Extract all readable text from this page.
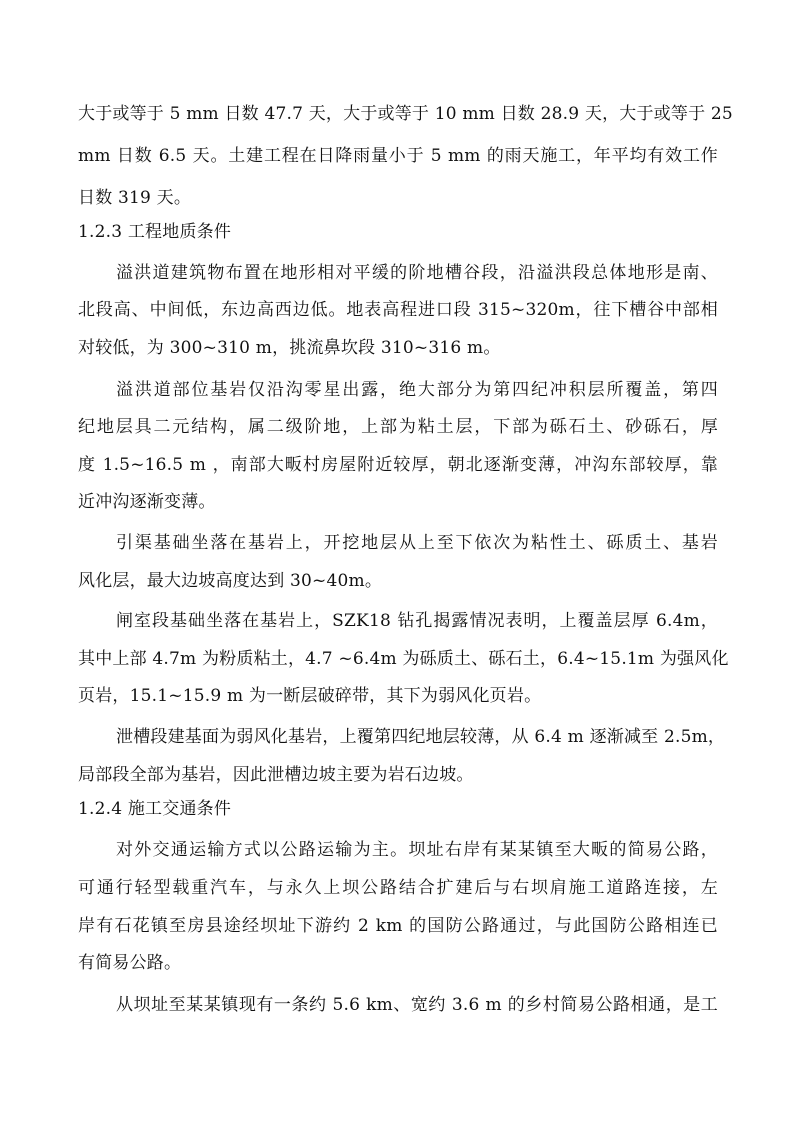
大于或等于 5 mm 日数 47.7 天，大于或等于 10 mm 日数 28.9 天，大于或等于 25
mm 日数 6.5 天。土建工程在日降雨量小于 5 mm 的雨天施工，年平均有效工作
日数 319 天。
1.2.3 工程地质条件
溢洪道建筑物布置在地形相对平缓的阶地槽谷段，沿溢洪段总体地形是南、
北段高、中间低，东边高西边低。地表高程进口段 315~320m，往下槽谷中部相
对较低，为 300~310 m，挑流鼻坎段 310~316 m。
溢洪道部位基岩仅沿沟零星出露，绝大部分为第四纪冲积层所覆盖，第四
纪地层具二元结构，属二级阶地，上部为粘土层，下部为砾石土、砂砾石，厚
度 1.5~16.5 m ，南部大畈村房屋附近较厚，朝北逐渐变薄，冲沟东部较厚，靠
近冲沟逐渐变薄。
引渠基础坐落在基岩上，开挖地层从上至下依次为粘性土、砾质土、基岩
风化层，最大边坡高度达到 30~40m。
闸室段基础坐落在基岩上，SZK18 钻孔揭露情况表明，上覆盖层厚 6.4m，
其中上部 4.7m 为粉质粘土，4.7 ~6.4m 为砾质土、砾石土，6.4~15.1m 为强风化
页岩，15.1~15.9 m 为一断层破碎带，其下为弱风化页岩。
泄槽段建基面为弱风化基岩，上覆第四纪地层较薄，从 6.4 m 逐渐减至 2.5m，
局部段全部为基岩，因此泄槽边坡主要为岩石边坡。
1.2.4 施工交通条件
对外交通运输方式以公路运输为主。坝址右岸有某某镇至大畈的简易公路，
可通行轻型载重汽车，与永久上坝公路结合扩建后与右坝肩施工道路连接，左
岸有石花镇至房县途经坝址下游约 2 km 的国防公路通过，与此国防公路相连已
有简易公路。
从坝址至某某镇现有一条约 5.6 km、宽约 3.6 m 的乡村简易公路相通，是工
